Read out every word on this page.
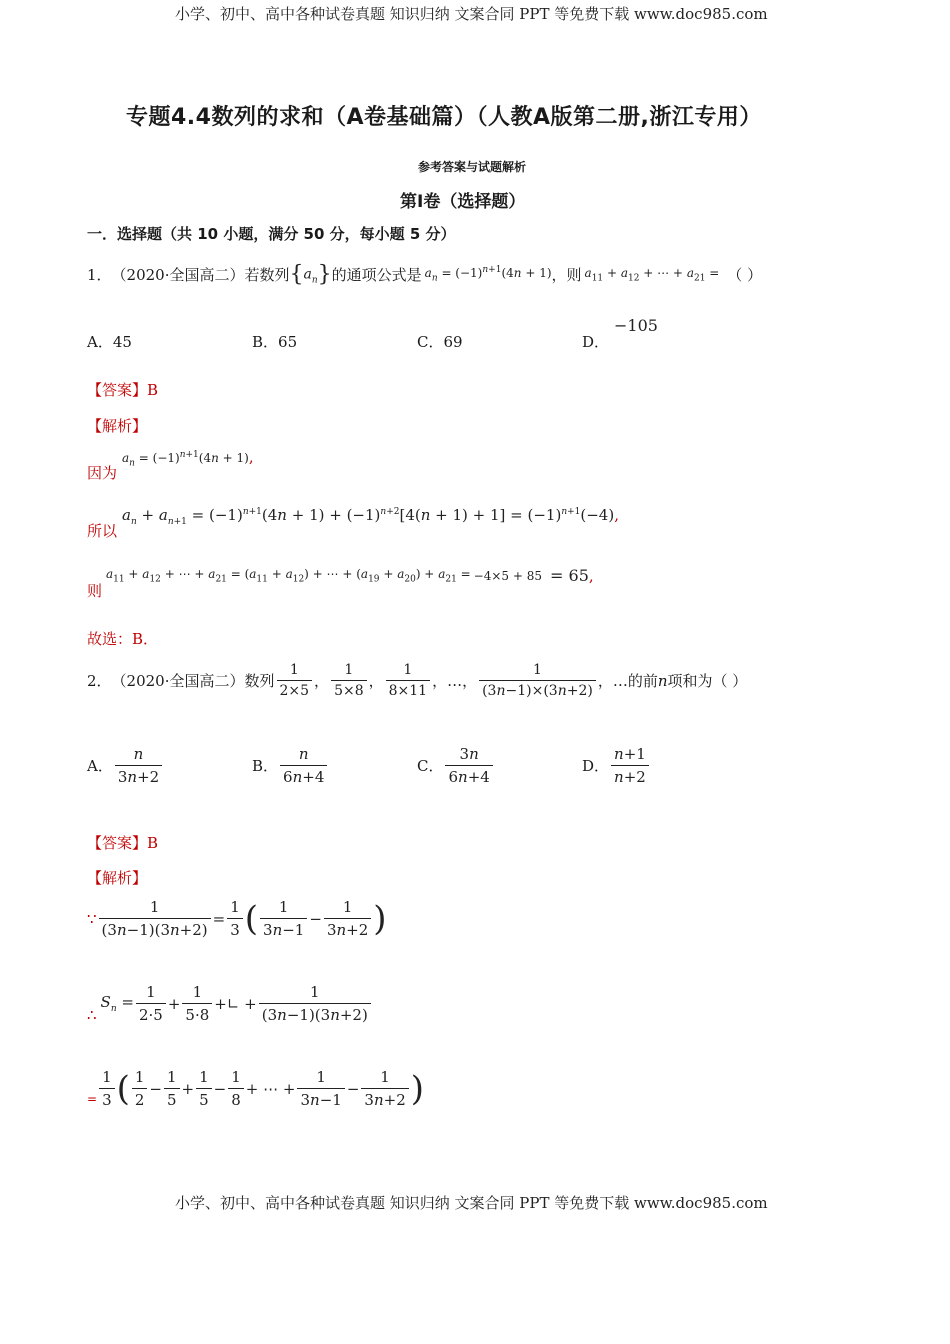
小学、初中、高中各种试卷真题 知识归纳 文案合同 PPT 等免费下载 www.doc985.com
专题4.4数列的求和（A卷基础篇）（人教A版第二册,浙江专用）
参考答案与试题解析
第Ⅰ卷（选择题）
一．选择题（共 10 小题，满分 50 分，每小题 5 分）
1． （2020·全国高二）若数列 $\{a_n\}$ 的通项公式是 $a_n = (-1)^{n+1}(4n + 1)$ ，则 $a_{11} + a_{12}$ + ⋯ + $a_{21}$ = （ ）
A．45	B．65	C．69	D．
−105
【答案】B
【解析】
因为
$a_n = (-1)^{n+1}(4n + 1)$,
所以
$a_n + a_{n+1} = (-1)^{n+1}(4n + 1) + (-1)^{n+2}[4(n + 1) + 1] = (-1)^{n+1}(-4)$,
则
$a_{11} + a_{12}$ + ⋯ + $a_{21} = (a_{11} + a_{12})$ + ⋯ + $(a_{19} + a_{20}) + a_{21} = -4\times 5 + 85 = 65$ ,
故选：B．
2． （2020·全国高二）数列 $\frac{1}{2\times 5}$ ， $\frac{1}{5\times 8}$ ， $\frac{1}{8\times 11}$ ，…， $\frac{1}{(3n-1)\times(3n+2)}$ ，…的前 n 项和为（ ）
A． $\frac{n}{3n+2}$	B． $\frac{n}{6n+4}$	C． $\frac{3n}{6n+4}$	D． $\frac{n+1}{n+2}$
【答案】B
【解析】
∵ $\frac{1}{(3n-1)(3n+2)} = \frac{1}{3}$ ( $\frac{1}{3n-1} - \frac{1}{3n+2}$ )
∴
$S_n = \frac{1}{2\cdot 5} + \frac{1}{5\cdot 8}$ +∟ + $\frac{1}{(3n-1)(3n+2)}$
= $\frac{1}{3}$ ( $\frac{1}{2} - \frac{1}{5} + \frac{1}{5} - \frac{1}{8}$ + ⋯ + $\frac{1}{3n-1} - \frac{1}{3n+2}$ )
小学、初中、高中各种试卷真题 知识归纳 文案合同 PPT 等免费下载 www.doc985.com
